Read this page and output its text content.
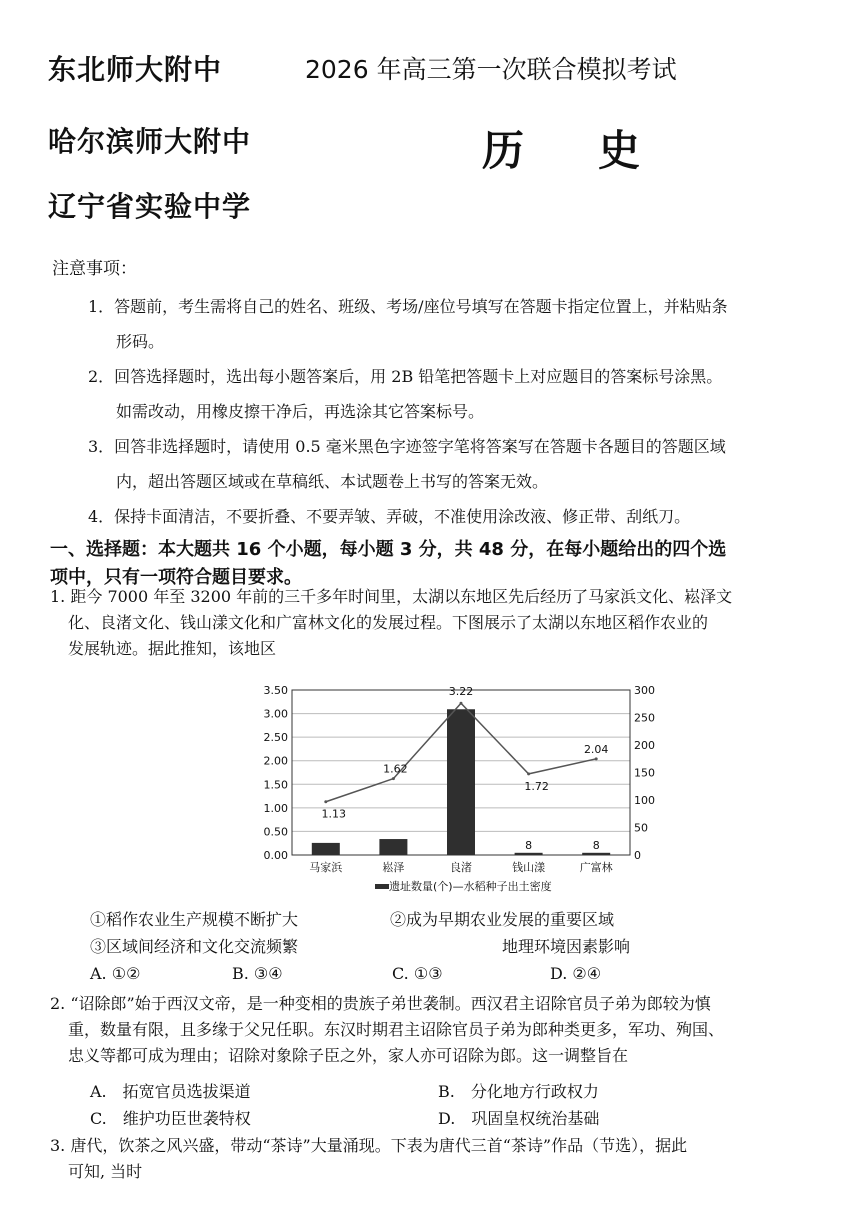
东北师大附中	2026 年高三第一次联合模拟考试
哈尔滨师大附中	历 史
辽宁省实验中学
注意事项：
1．答题前，考生需将自己的姓名、班级、考场/座位号填写在答题卡指定位置上，并粘贴条
形码。
2．回答选择题时，选出每小题答案后，用 2B 铅笔把答题卡上对应题目的答案标号涂黑。
如需改动，用橡皮擦干净后，再选涂其它答案标号。
3．回答非选择题时，请使用 0.5 毫米黑色字迹签字笔将答案写在答题卡各题目的答题区域
内，超出答题区域或在草稿纸、本试题卷上书写的答案无效。
4．保持卡面清洁，不要折叠、不要弄皱、弄破，不准使用涂改液、修正带、刮纸刀。
一、选择题：本大题共 16 个小题，每小题 3 分，共 48 分，在每小题给出的四个选
项中，只有一项符合题目要求。
1. 距今 7000 年至 3200 年前的三千多年时间里，太湖以东地区先后经历了马家浜文化、崧泽文
化、良渚文化、钱山漾文化和广富林文化的发展过程。下图展示了太湖以东地区稻作农业的
发展轨迹。据此推知，该地区
0.00
0.50
1.00
1.50
2.00
2.50
3.00
3.50
0
50
100
150
200
250
300
8	8
1.13
1.62
3.22
1.72
2.04
马家浜	崧泽	良渚	钱山漾	广富林
遗址数量(个)—水稻种子出土密度
①稻作农业生产规模不断扩大	②成为早期农业发展的重要区域
③区域间经济和文化交流频繁	地理环境因素影响
A. ①②	B. ③④	C. ①③	D. ②④
2. “诏除郎”始于西汉文帝，是一种变相的贵族子弟世袭制。西汉君主诏除官员子弟为郎较为慎
重，数量有限，且多缘于父兄任职。东汉时期君主诏除官员子弟为郎种类更多，军功、殉国、
忠义等都可成为理由；诏除对象除子臣之外，家人亦可诏除为郎。这一调整旨在
A.　拓宽官员选拔渠道	B.　分化地方行政权力
C.　维护功臣世袭特权	D.　巩固皇权统治基础
3. 唐代，饮茶之风兴盛，带动“茶诗”大量涌现。下表为唐代三首“茶诗”作品（节选），据此
可知, 当时
